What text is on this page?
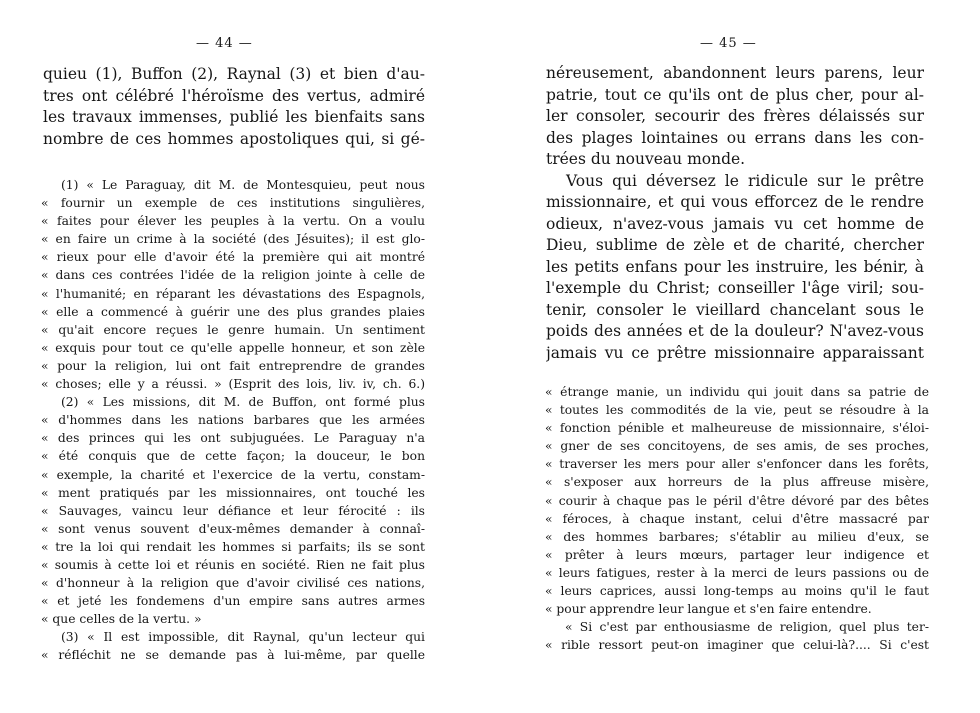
— 44 —

quieu (1), Buffon (2), Raynal (3) et bien d'au-
tres ont célébré l'héroïsme des vertus, admiré
les travaux immenses, publié les bienfaits sans
nombre de ces hommes apostoliques qui, si gé-
(1) « Le Paraguay, dit M. de Montesquieu, peut nous
« fournir un exemple de ces institutions singulières,
« faites pour élever les peuples à la vertu. On a voulu
« en faire un crime à la société (des Jésuites); il est glo-
« rieux pour elle d'avoir été la première qui ait montré
« dans ces contrées l'idée de la religion jointe à celle de
« l'humanité; en réparant les dévastations des Espagnols,
« elle a commencé à guérir une des plus grandes plaies
« qu'ait encore reçues le genre humain. Un sentiment
« exquis pour tout ce qu'elle appelle honneur, et son zèle
« pour la religion, lui ont fait entreprendre de grandes
« choses; elle y a réussi. » (Esprit des lois, liv. iv, ch. 6.)
(2) « Les missions, dit M. de Buffon, ont formé plus
« d'hommes dans les nations barbares que les armées
« des princes qui les ont subjuguées. Le Paraguay n'a
« été conquis que de cette façon; la douceur, le bon
« exemple, la charité et l'exercice de la vertu, constam-
« ment pratiqués par les missionnaires, ont touché les
« Sauvages, vaincu leur défiance et leur férocité : ils
« sont venus souvent d'eux-mêmes demander à connaî-
« tre la loi qui rendait les hommes si parfaits; ils se sont
« soumis à cette loi et réunis en société. Rien ne fait plus
« d'honneur à la religion que d'avoir civilisé ces nations,
« et jeté les fondemens d'un empire sans autres armes
« que celles de la vertu. »
(3) « Il est impossible, dit Raynal, qu'un lecteur qui
« réfléchit ne se demande pas à lui-même, par quelle

— 45 —

néreusement, abandonnent leurs parens, leur
patrie, tout ce qu'ils ont de plus cher, pour al-
ler consoler, secourir des frères délaissés sur
des plages lointaines ou errans dans les con-
trées du nouveau monde.
Vous qui déversez le ridicule sur le prêtre
missionnaire, et qui vous efforcez de le rendre
odieux, n'avez-vous jamais vu cet homme de
Dieu, sublime de zèle et de charité, chercher
les petits enfans pour les instruire, les bénir, à
l'exemple du Christ; conseiller l'âge viril; sou-
tenir, consoler le vieillard chancelant sous le
poids des années et de la douleur? N'avez-vous
jamais vu ce prêtre missionnaire apparaissant
« étrange manie, un individu qui jouit dans sa patrie de
« toutes les commodités de la vie, peut se résoudre à la
« fonction pénible et malheureuse de missionnaire, s'éloi-
« gner de ses concitoyens, de ses amis, de ses proches,
« traverser les mers pour aller s'enfoncer dans les forêts,
« s'exposer aux horreurs de la plus affreuse misère,
« courir à chaque pas le péril d'être dévoré par des bêtes
« féroces, à chaque instant, celui d'être massacré par
« des hommes barbares; s'établir au milieu d'eux, se
« prêter à leurs mœurs, partager leur indigence et
« leurs fatigues, rester à la merci de leurs passions ou de
« leurs caprices, aussi long-temps au moins qu'il le faut
« pour apprendre leur langue et s'en faire entendre.
« Si c'est par enthousiasme de religion, quel plus ter-
« rible ressort peut-on imaginer que celui-là?.... Si c'est
